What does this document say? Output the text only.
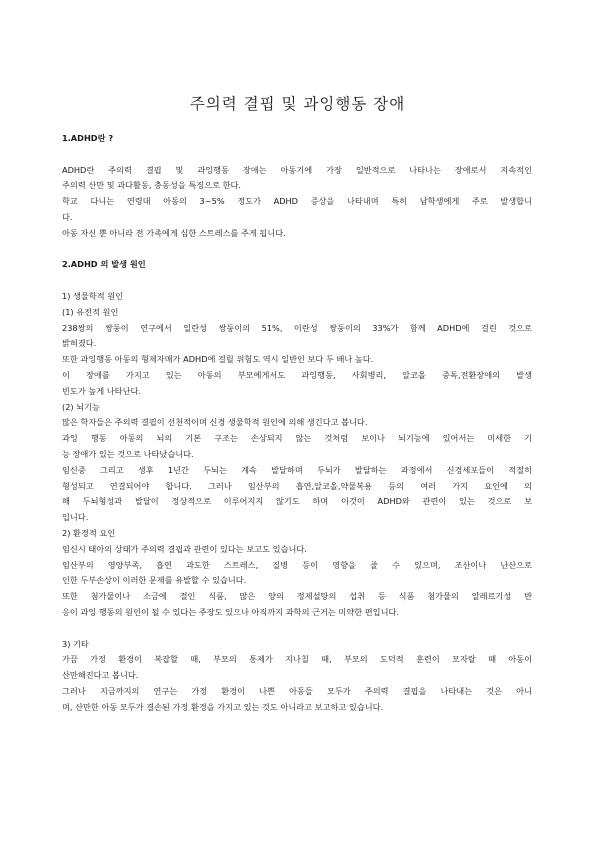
주의력 결핍 및 과잉행동 장애
1.ADHD란 ?
ADHD란 주의력 결핍 및 과잉행동 장애는 아동기에 가장 일반적으로 나타나는 장애로서 지속적인
주의력 산만 및 과다활동, 충동성을 특징으로 한다.
학교 다니는 연령대 아동의 3~5% 정도가 ADHD 증상을 나타내며 특히 남학생에게 주로 발생합니
다.
아동 자신 뿐 아니라 전 가족에게 심한 스트레스를 주게 됩니다.
2.ADHD 의 발생 원인
1) 생물학적 원인
(1) 유전적 원인
238쌍의 쌍둥이 연구에서 일란성 쌍둥이의 51%, 이란성 쌍둥이의 33%가 함께 ADHD에 걸린 것으로
밝혀졌다.
또한 과잉행동 아동의 형제자매가 ADHD에 걸릴 위험도 역시 일반인 보다 두 배나 높다.
이 장애를 가지고 있는 아동의 부모에게서도 과잉행동, 사회병리, 알코올 중독,전환장애의 발생
빈도가 높게 나타난다.
(2) 뇌기능
많은 학자들은 주의력 결핍이 선천적이며 신경 생물학적 원인에 의해 생긴다고 봅니다.
과잉 행동 아동의 뇌의 기본 구조는 손상되지 않는 것처럼 보이나 뇌기능에 있어서는 미세한 기
능 장애가 있는 것으로 나타났습니다.
임신중 그리고 생후 1년간 두뇌는 계속 발달하며 두뇌가 발달하는 과정에서 신경세포들이 적절히
형성되고 연결되어야 합니다. 그러나 임산부의 흡연,알코올,약물복용 등의 여러 가지 요인에 의
해 두뇌형성과 발달이 정상적으로 이루어지지 않기도 하며 이것이 ADHD와 관련이 있는 것으로 보
입니다.
2) 환경적 요인
임신시 태아의 상태가 주의력 결핍과 관련이 있다는 보고도 있습니다.
임산부의 영양부족, 흡연 과도한 스트레스, 질병 등이 영향을 줄 수 있으며, 조산이나 난산으로
인한 두부손상이 이러한 문제를 유발할 수 있습니다.
또한 첨가물이나 소금에 절인 식품, 많은 양의 정제설탕의 섭취 등 식품 첨가물의 알레르기성 반
응이 과잉 행동의 원인이 될 수 있다는 주장도 있으나 아직까지 과학의 근거는 미약한 편입니다.
3) 기타
가끔 가정 환경이 복잡할 때, 부모의 통제가 지나칠 때, 부모의 도덕적 훈련이 모자랄 때 아동이
산만해진다고 봅니다.
그러나 지금까지의 연구는 가정 환경이 나쁜 아동들 모두가 주의력 결핍을 나타내는 것은 아니
며, 산만한 아동 모두가 결손된 가정 환경을 가지고 있는 것도 아니라고 보고하고 있습니다.
